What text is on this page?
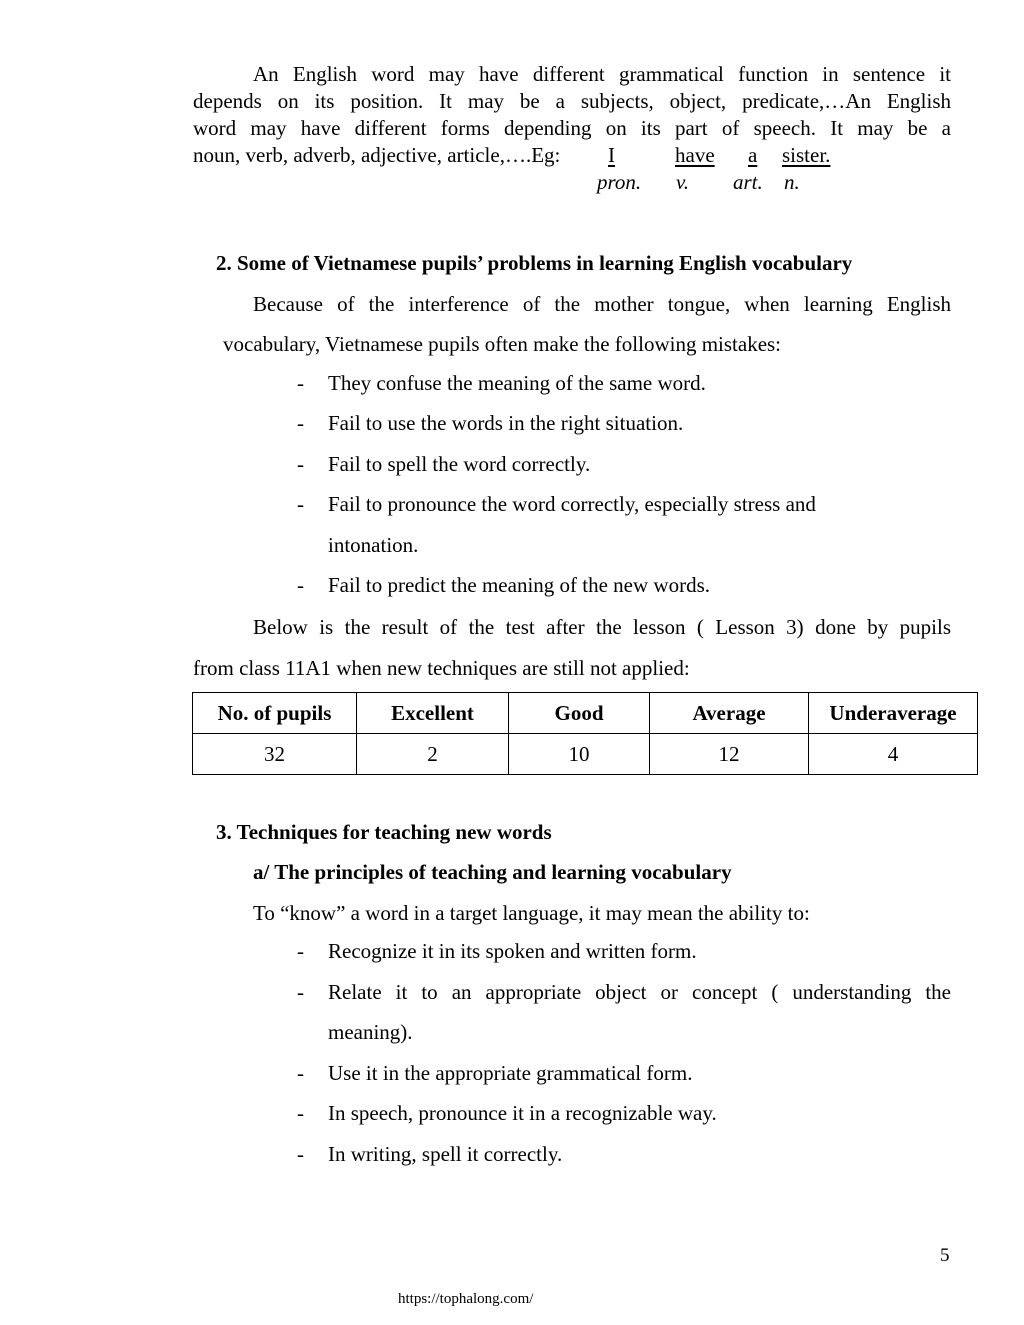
An English word may have different grammatical function in sentence it
depends on its position. It may be a subjects, object, predicate,…An English
word may have different forms depending on its part of speech. It may be a
noun, verb, adverb, adjective, article,….Eg: I	have a sister.
pron. v. art. n.
2. Some of Vietnamese pupils’ problems in learning English vocabulary
Because of the interference of the mother tongue, when learning English
vocabulary, Vietnamese pupils often make the following mistakes:
- They confuse the meaning of the same word.
- Fail to use the words in the right situation.
- Fail to spell the word correctly.
- Fail to pronounce the word correctly, especially stress and
intonation.
- Fail to predict the meaning of the new words.
Below is the result of the test after the lesson ( Lesson 3) done by pupils
from class 11A1 when new techniques are still not applied:
No. of pupils	Excellent	Good	Average	Underaverage
32	2	10	12	4
3. Techniques for teaching new words
a/ The principles of teaching and learning vocabulary
To “know” a word in a target language, it may mean the ability to:
- Recognize it in its spoken and written form.
- Relate it to an appropriate object or concept ( understanding the
meaning).
- Use it in the appropriate grammatical form.
- In speech, pronounce it in a recognizable way.
- In writing, spell it correctly.
5
https://tophalong.com/
